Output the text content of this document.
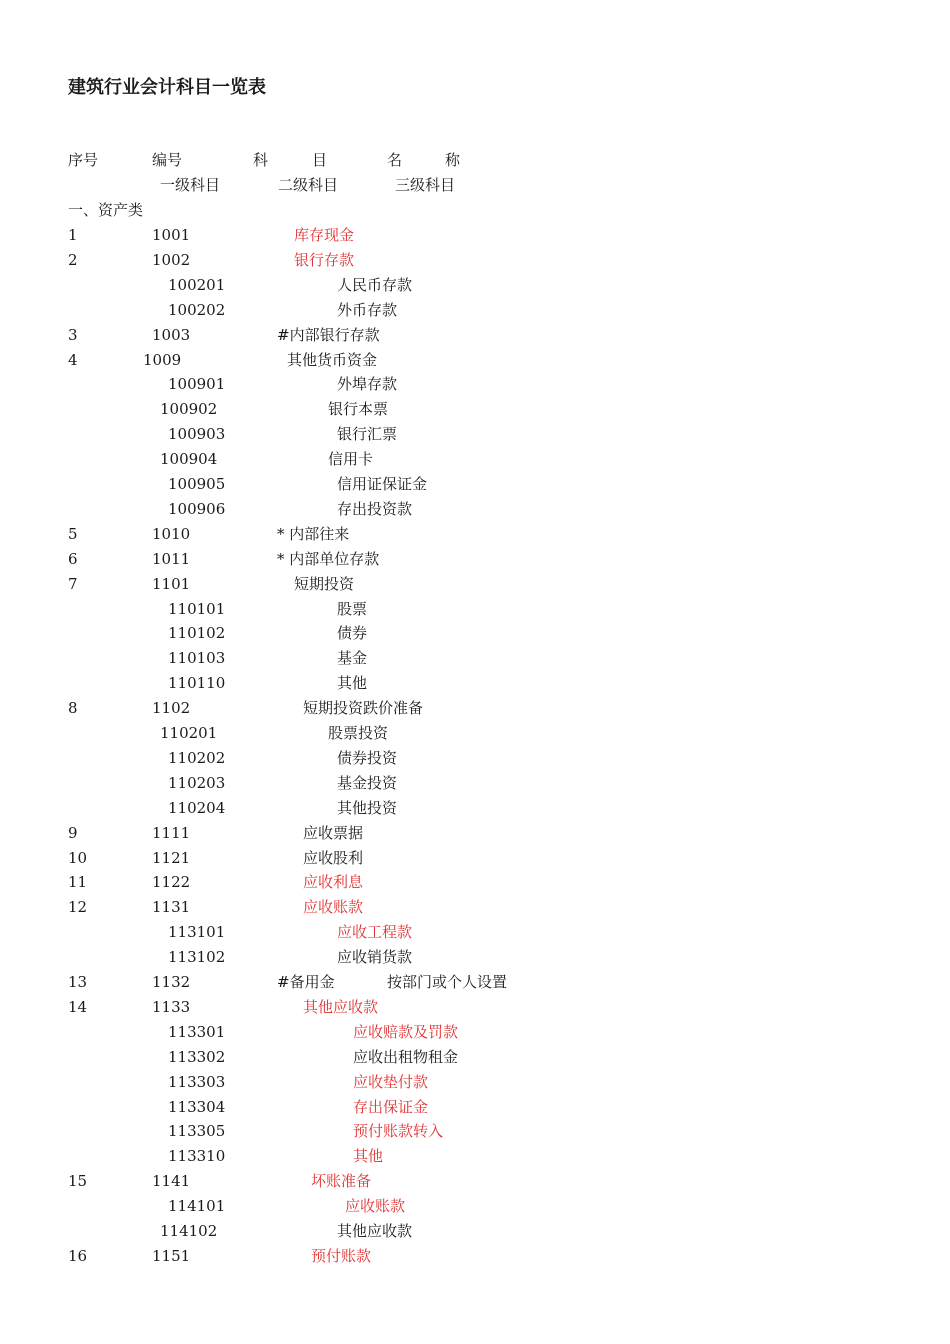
建筑行业会计科目一览表
序号	编号	科	目	名	称
一级科目	二级科目	三级科目
一、资产类
1	1001	库存现金
2	1002	银行存款
100201	人民币存款
100202	外币存款
3	1003	#内部银行存款
4	1009	其他货币资金
100901	外埠存款
100902	银行本票
100903	银行汇票
100904	信用卡
100905	信用证保证金
100906	存出投资款
5	1010	* 内部往来
6	1011	* 内部单位存款
7	1101	短期投资
110101	股票
110102	债券
110103	基金
110110	其他
8	1102	短期投资跌价准备
110201	股票投资
110202	债券投资
110203	基金投资
110204	其他投资
9	1111	应收票据
10	1121	应收股利
11	1122	应收利息
12	1131	应收账款
113101	应收工程款
113102	应收销货款
13	1132	#备用金	按部门或个人设置
14	1133	其他应收款
113301	应收赔款及罚款
113302	应收出租物租金
113303	应收垫付款
113304	存出保证金
113305	预付账款转入
113310	其他
15	1141	坏账准备
114101	应收账款
114102	其他应收款
16	1151	预付账款
